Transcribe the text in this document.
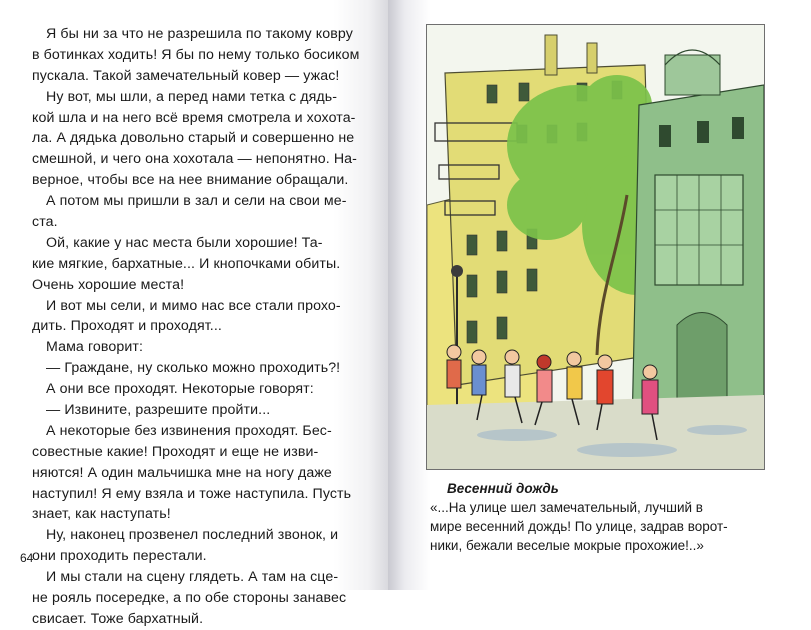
Я бы ни за что не разрешила по такому ковру
в ботинках ходить! Я бы по нему только босиком
пускала. Такой замечательный ковер — ужас!
Ну вот, мы шли, а перед нами тетка с дядь-
кой шла и на него всё время смотрела и хохота-
ла. А дядька довольно старый и совершенно не
смешной, и чего она хохотала — непонятно. На-
верное, чтобы все на нее внимание обращали.
А потом мы пришли в зал и сели на свои ме-
ста.
Ой, какие у нас места были хорошие! Та-
кие мягкие, бархатные... И кнопочками обиты.
Очень хорошие места!
И вот мы сели, и мимо нас все стали прохо-
дить. Проходят и проходят...
Мама говорит:
— Граждане, ну сколько можно проходить?!
А они все проходят. Некоторые говорят:
— Извините, разрешите пройти...
А некоторые без извинения проходят. Бес-
совестные какие! Проходят и еще не изви-
няются! А один мальчишка мне на ногу даже
наступил! Я ему взяла и тоже наступила. Пусть
знает, как наступать!
Ну, наконец прозвенел последний звонок, и
они проходить перестали.
И мы стали на сцену глядеть. А там на сце-
не рояль посередке, а по обе стороны занавес
свисает. Тоже бархатный.
64
Весенний дождь
«...На улице шел замечательный, лучший в
мире весенний дождь! По улице, задрав ворот-
ники, бежали веселые мокрые прохожие!..»
